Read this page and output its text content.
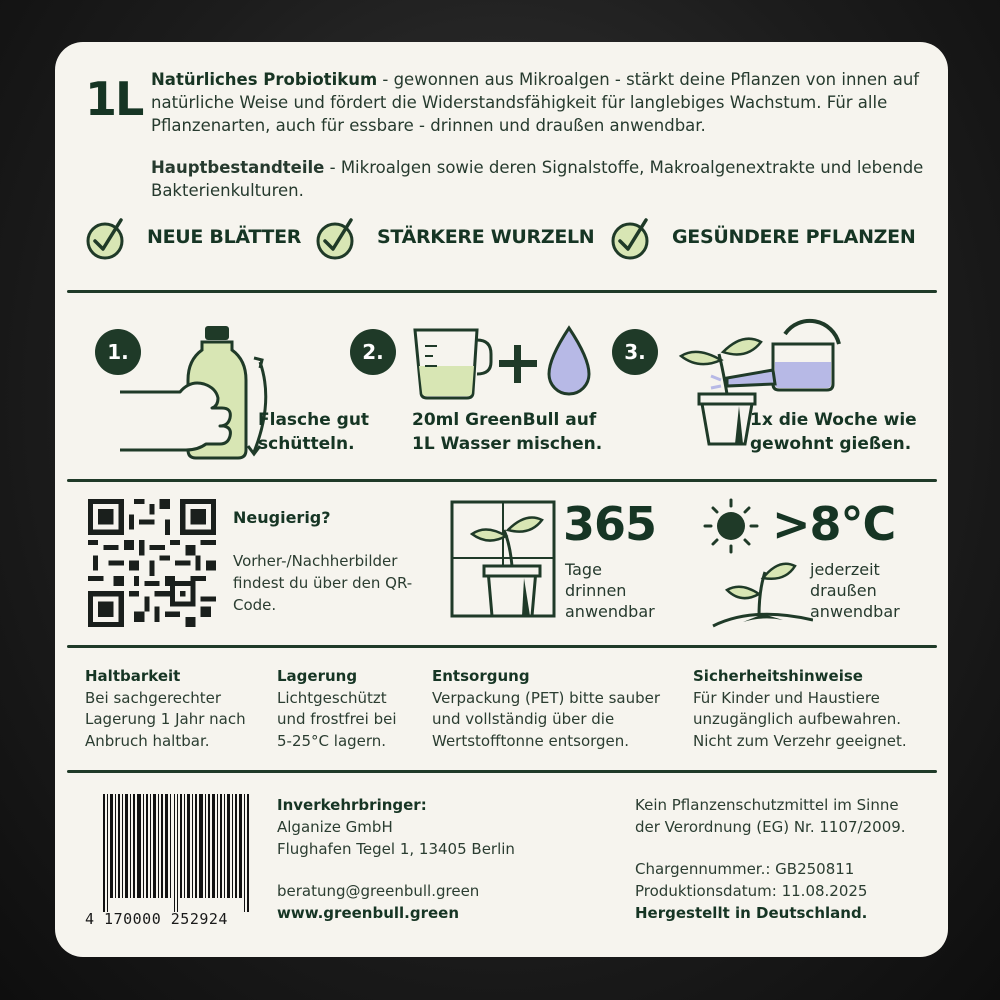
1L Natürliches Probiotikum - gewonnen aus Mikroalgen - stärkt deine Pflanzen von innen auf natürliche Weise und fördert die Widerstandsfähigkeit für langlebiges Wachstum. Für alle Pflanzenarten, auch für essbare - drinnen und draußen anwendbar.
Hauptbestandteile - Mikroalgen sowie deren Signalstoffe, Makroalgenextrakte und lebende Bakterienkulturen.
NEUE BLÄTTER	STÄRKERE WURZELN	GESÜNDERE PFLANZEN
1.
Flasche gut
schütteln.
2.
20ml GreenBull auf
1L Wasser mischen.
3.
1x die Woche wie
gewohnt gießen.
Neugierig?
Vorher-/Nachherbilder findest du über den QR-Code.
365
Tage
drinnen
anwendbar
>8°C
jederzeit
draußen
anwendbar
Haltbarkeit
Bei sachgerechter
Lagerung 1 Jahr nach
Anbruch haltbar.
Lagerung
Lichtgeschützt
und frostfrei bei
5-25°C lagern.
Entsorgung
Verpackung (PET) bitte sauber
und vollständig über die
Wertstofftonne entsorgen.
Sicherheitshinweise
Für Kinder und Haustiere
unzugänglich aufbewahren.
Nicht zum Verzehr geeignet.
4 170000 252924
Inverkehrbringer:
Alganize GmbH
Flughafen Tegel 1, 13405 Berlin
beratung@greenbull.green
www.greenbull.green
Kein Pflanzenschutzmittel im Sinne
der Verordnung (EG) Nr. 1107/2009.
Chargennummer.: GB250811
Produktionsdatum: 11.08.2025
Hergestellt in Deutschland.
